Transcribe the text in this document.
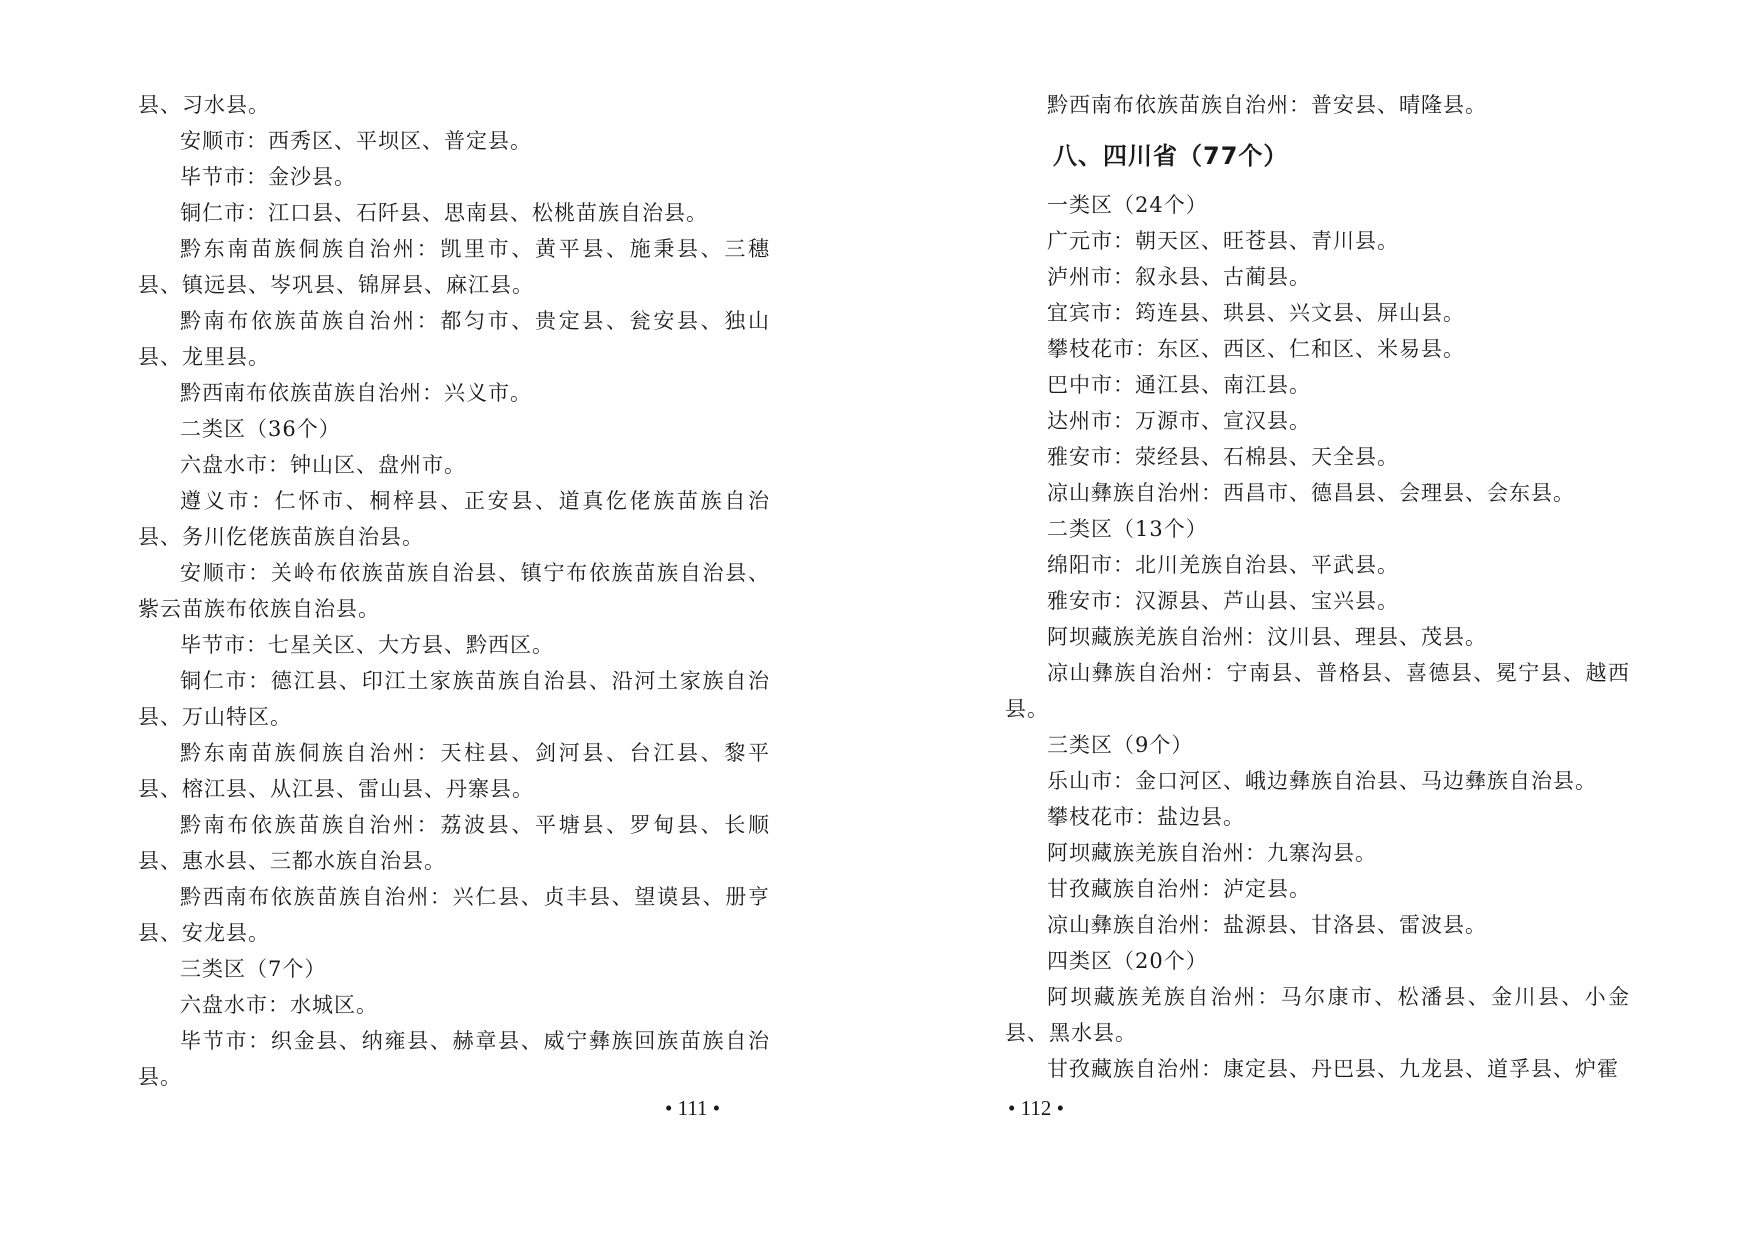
县、习水县。

安顺市：西秀区、平坝区、普定县。

毕节市：金沙县。

铜仁市：江口县、石阡县、思南县、松桃苗族自治县。

黔东南苗族侗族自治州：凯里市、黄平县、施秉县、三穗县、镇远县、岑巩县、锦屏县、麻江县。

黔南布依族苗族自治州：都匀市、贵定县、瓮安县、独山县、龙里县。

黔西南布依族苗族自治州：兴义市。

二类区（36个）

六盘水市：钟山区、盘州市。

遵义市：仁怀市、桐梓县、正安县、道真仡佬族苗族自治县、务川仡佬族苗族自治县。

安顺市：关岭布依族苗族自治县、镇宁布依族苗族自治县、紫云苗族布依族自治县。

毕节市：七星关区、大方县、黔西区。

铜仁市：德江县、印江土家族苗族自治县、沿河土家族自治县、万山特区。

黔东南苗族侗族自治州：天柱县、剑河县、台江县、黎平县、榕江县、从江县、雷山县、丹寨县。

黔南布依族苗族自治州：荔波县、平塘县、罗甸县、长顺县、惠水县、三都水族自治县。

黔西南布依族苗族自治州：兴仁县、贞丰县、望谟县、册亨县、安龙县。

三类区（7个）

六盘水市：水城区。

毕节市：织金县、纳雍县、赫章县、威宁彝族回族苗族自治县。

• 111 •

黔西南布依族苗族自治州：普安县、晴隆县。

八、四川省（77个）

一类区（24个）

广元市：朝天区、旺苍县、青川县。

泸州市：叙永县、古蔺县。

宜宾市：筠连县、珙县、兴文县、屏山县。

攀枝花市：东区、西区、仁和区、米易县。

巴中市：通江县、南江县。

达州市：万源市、宣汉县。

雅安市：荥经县、石棉县、天全县。

凉山彝族自治州：西昌市、德昌县、会理县、会东县。

二类区（13个）

绵阳市：北川羌族自治县、平武县。

雅安市：汉源县、芦山县、宝兴县。

阿坝藏族羌族自治州：汶川县、理县、茂县。

凉山彝族自治州：宁南县、普格县、喜德县、冕宁县、越西县。

三类区（9个）

乐山市：金口河区、峨边彝族自治县、马边彝族自治县。

攀枝花市：盐边县。

阿坝藏族羌族自治州：九寨沟县。

甘孜藏族自治州：泸定县。

凉山彝族自治州：盐源县、甘洛县、雷波县。

四类区（20个）

阿坝藏族羌族自治州：马尔康市、松潘县、金川县、小金县、黑水县。

甘孜藏族自治州：康定县、丹巴县、九龙县、道孚县、炉霍

• 112 •
